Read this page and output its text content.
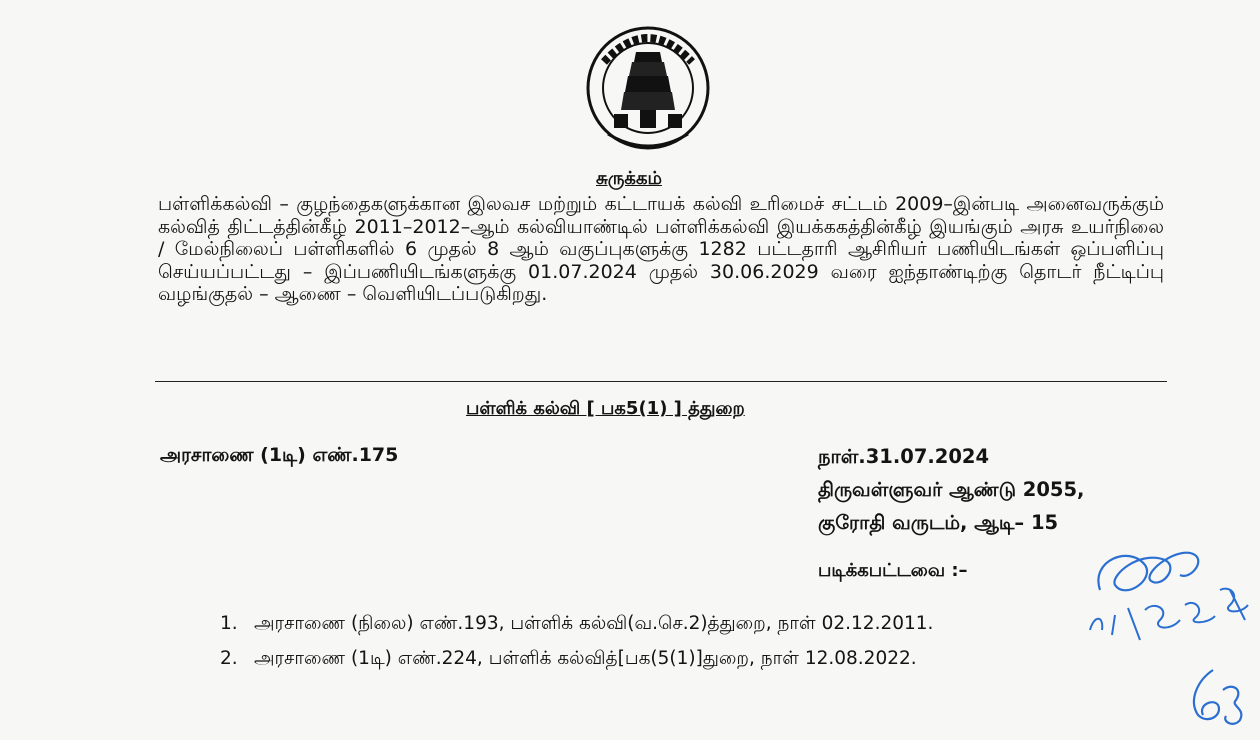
சுருக்கம்
பள்ளிக்கல்வி – குழந்தைகளுக்கான இலவச மற்றும் கட்டாயக் கல்வி உரிமைச் சட்டம் 2009–இன்படி அனைவருக்கும் கல்வித் திட்டத்தின்கீழ் 2011–2012–ஆம் கல்வியாண்டில் பள்ளிக்கல்வி இயக்ககத்தின்கீழ் இயங்கும் அரசு உயர்நிலை / மேல்நிலைப் பள்ளிகளில் 6 முதல் 8 ஆம் வகுப்புகளுக்கு 1282 பட்டதாரி ஆசிரியர் பணியிடங்கள் ஒப்பளிப்பு செய்யப்பட்டது – இப்பணியிடங்களுக்கு 01.07.2024 முதல் 30.06.2029 வரை ஐந்தாண்டிற்கு தொடர் நீட்டிப்பு வழங்குதல் – ஆணை – வெளியிடப்படுகிறது.
பள்ளிக் கல்வி [ பக5(1) ] த்துறை
அரசாணை (1டி) எண்.175	நாள்.31.07.2024
திருவள்ளுவர் ஆண்டு 2055,
குரோதி வருடம், ஆடி– 15
படிக்கபட்டவை :–
1. அரசாணை (நிலை) எண்.193, பள்ளிக் கல்வி(வ.செ.2)த்துறை, நாள் 02.12.2011.
2. அரசாணை (1டி) எண்.224, பள்ளிக் கல்வித்[பக(5(1)]துறை, நாள் 12.08.2022.
